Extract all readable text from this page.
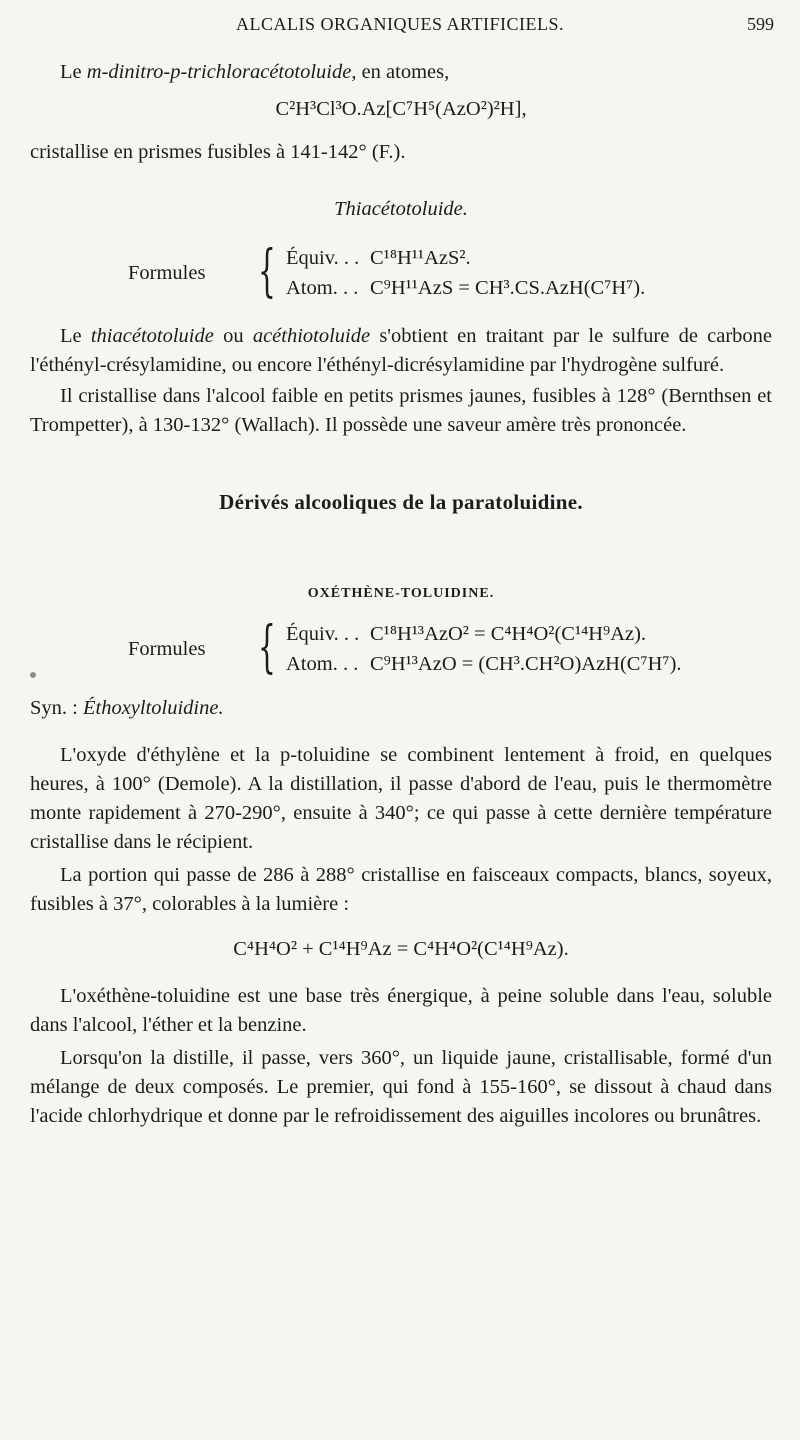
ALCALIS ORGANIQUES ARTIFICIELS.	599

Le m-dinitro-p-trichloracétotoluide, en atomes,

C²H³Cl³O.Az[C⁷H⁵(AzO²)²H],

cristallise en prismes fusibles à 141-142° (F.).

Thiacétotoluide.

Formules { Équiv. . . C¹⁸H¹¹AzS².
Atom. . . C⁹H¹¹AzS = CH³.CS.AzH(C⁷H⁷).

Le thiacétotoluide ou acéthiotoluide s'obtient en traitant par le sulfure de carbone l'éthényl-crésylamidine, ou encore l'éthényl-dicrésylamidine par l'hydrogène sulfuré.

Il cristallise dans l'alcool faible en petits prismes jaunes, fusibles à 128° (Bernthsen et Trompetter), à 130-132° (Wallach). Il possède une saveur amère très prononcée.

Dérivés alcooliques de la paratoluidine.

OXÉTHÈNE-TOLUIDINE.

Formules { Équiv. . . C¹⁸H¹³AzO² = C⁴H⁴O²(C¹⁴H⁹Az).
Atom. . . C⁹H¹³AzO = (CH³.CH²O)AzH(C⁷H⁷).

Syn. : Éthoxyltoluidine.

L'oxyde d'éthylène et la p-toluidine se combinent lentement à froid, en quelques heures, à 100° (Demole). A la distillation, il passe d'abord de l'eau, puis le thermomètre monte rapidement à 270-290°, ensuite à 340°; ce qui passe à cette dernière température cristallise dans le récipient.

La portion qui passe de 286 à 288° cristallise en faisceaux compacts, blancs, soyeux, fusibles à 37°, colorables à la lumière :

C⁴H⁴O² + C¹⁴H⁹Az = C⁴H⁴O²(C¹⁴H⁹Az).

L'oxéthène-toluidine est une base très énergique, à peine soluble dans l'eau, soluble dans l'alcool, l'éther et la benzine.

Lorsqu'on la distille, il passe, vers 360°, un liquide jaune, cristallisable, formé d'un mélange de deux composés. Le premier, qui fond à 155-160°, se dissout à chaud dans l'acide chlorhydrique et donne par le refroidissement des aiguilles incolores ou brunâtres.
